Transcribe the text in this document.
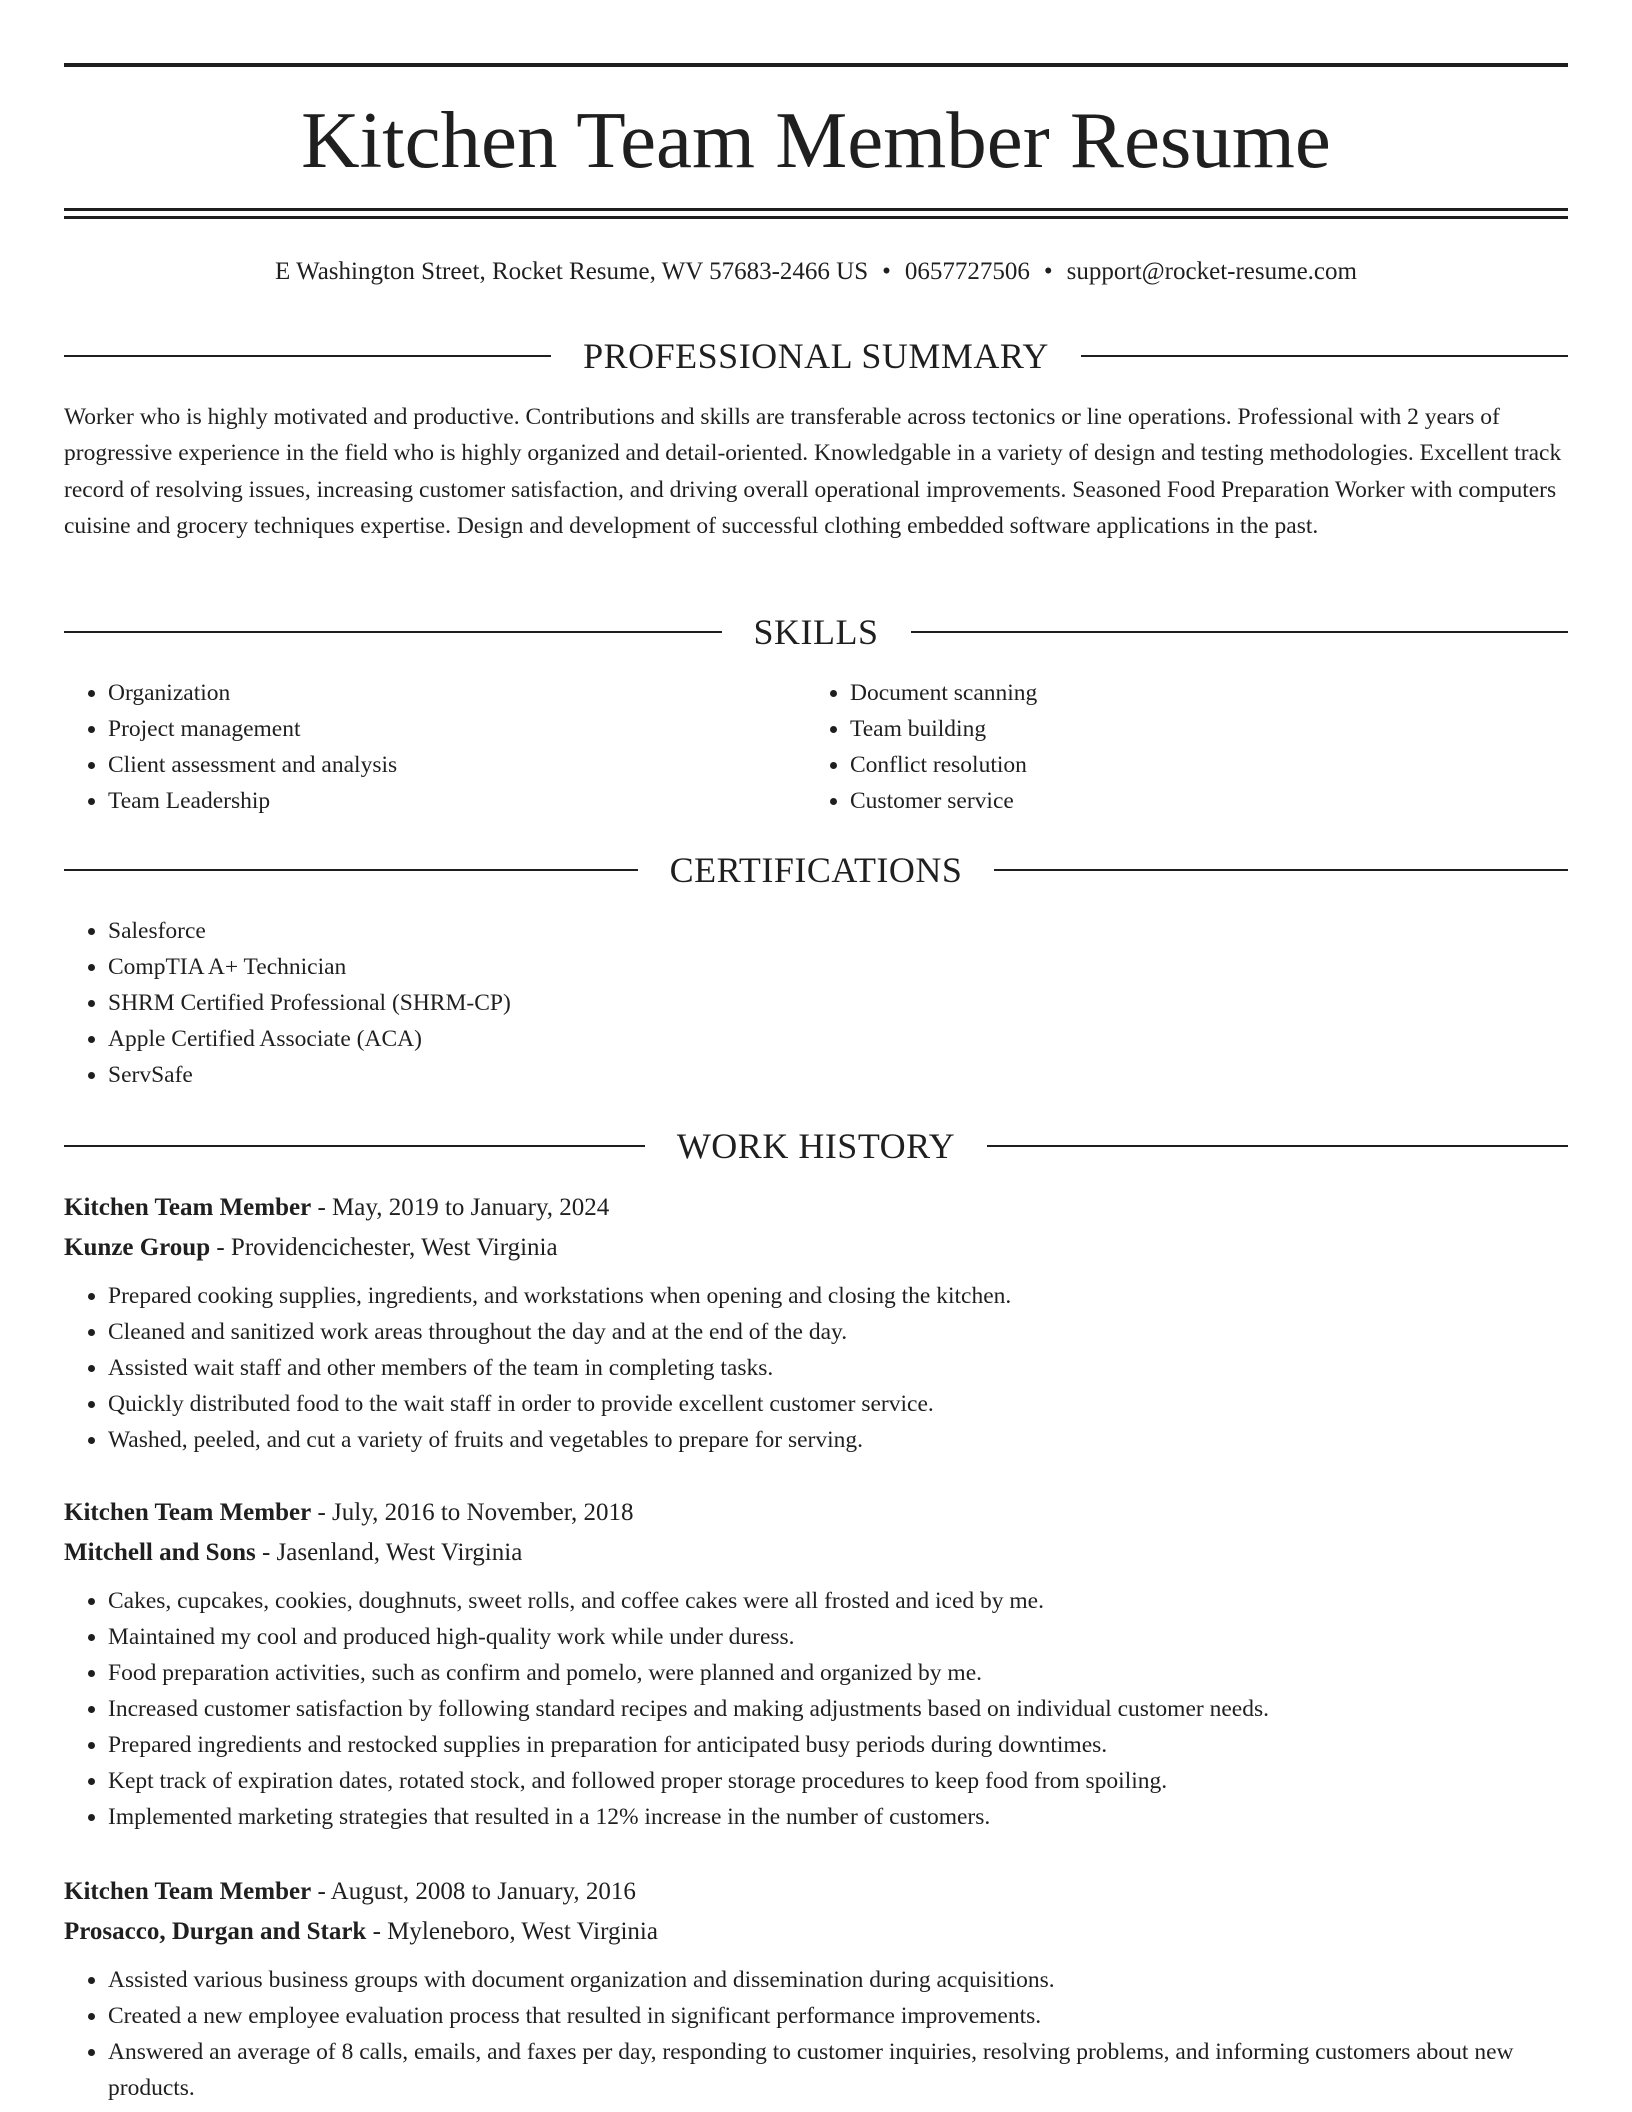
Kitchen Team Member Resume
E Washington Street, Rocket Resume, WV 57683-2466 US • 0657727506 • support@rocket-resume.com
PROFESSIONAL SUMMARY

Worker who is highly motivated and productive. Contributions and skills are transferable across tectonics or line operations. Professional with 2 years of progressive experience in the field who is highly organized and detail-oriented. Knowledgable in a variety of design and testing methodologies. Excellent track record of resolving issues, increasing customer satisfaction, and driving overall operational improvements. Seasoned Food Preparation Worker with computers cuisine and grocery techniques expertise. Design and development of successful clothing embedded software applications in the past.

SKILLS
• Organization
• Project management
• Client assessment and analysis
• Team Leadership
• Document scanning
• Team building
• Conflict resolution
• Customer service
CERTIFICATIONS
• Salesforce
• CompTIA A+ Technician
• SHRM Certified Professional (SHRM-CP)
• Apple Certified Associate (ACA)
• ServSafe
WORK HISTORY
Kitchen Team Member - May, 2019 to January, 2024
Kunze Group - Providencichester, West Virginia
• Prepared cooking supplies, ingredients, and workstations when opening and closing the kitchen.
• Cleaned and sanitized work areas throughout the day and at the end of the day.
• Assisted wait staff and other members of the team in completing tasks.
• Quickly distributed food to the wait staff in order to provide excellent customer service.
• Washed, peeled, and cut a variety of fruits and vegetables to prepare for serving.
Kitchen Team Member - July, 2016 to November, 2018
Mitchell and Sons - Jasenland, West Virginia
• Cakes, cupcakes, cookies, doughnuts, sweet rolls, and coffee cakes were all frosted and iced by me.
• Maintained my cool and produced high-quality work while under duress.
• Food preparation activities, such as confirm and pomelo, were planned and organized by me.
• Increased customer satisfaction by following standard recipes and making adjustments based on individual customer needs.
• Prepared ingredients and restocked supplies in preparation for anticipated busy periods during downtimes.
• Kept track of expiration dates, rotated stock, and followed proper storage procedures to keep food from spoiling.
• Implemented marketing strategies that resulted in a 12% increase in the number of customers.
Kitchen Team Member - August, 2008 to January, 2016
Prosacco, Durgan and Stark - Myleneboro, West Virginia
• Assisted various business groups with document organization and dissemination during acquisitions.
• Created a new employee evaluation process that resulted in significant performance improvements.
• Answered an average of 8 calls, emails, and faxes per day, responding to customer inquiries, resolving problems, and informing customers about new products.
